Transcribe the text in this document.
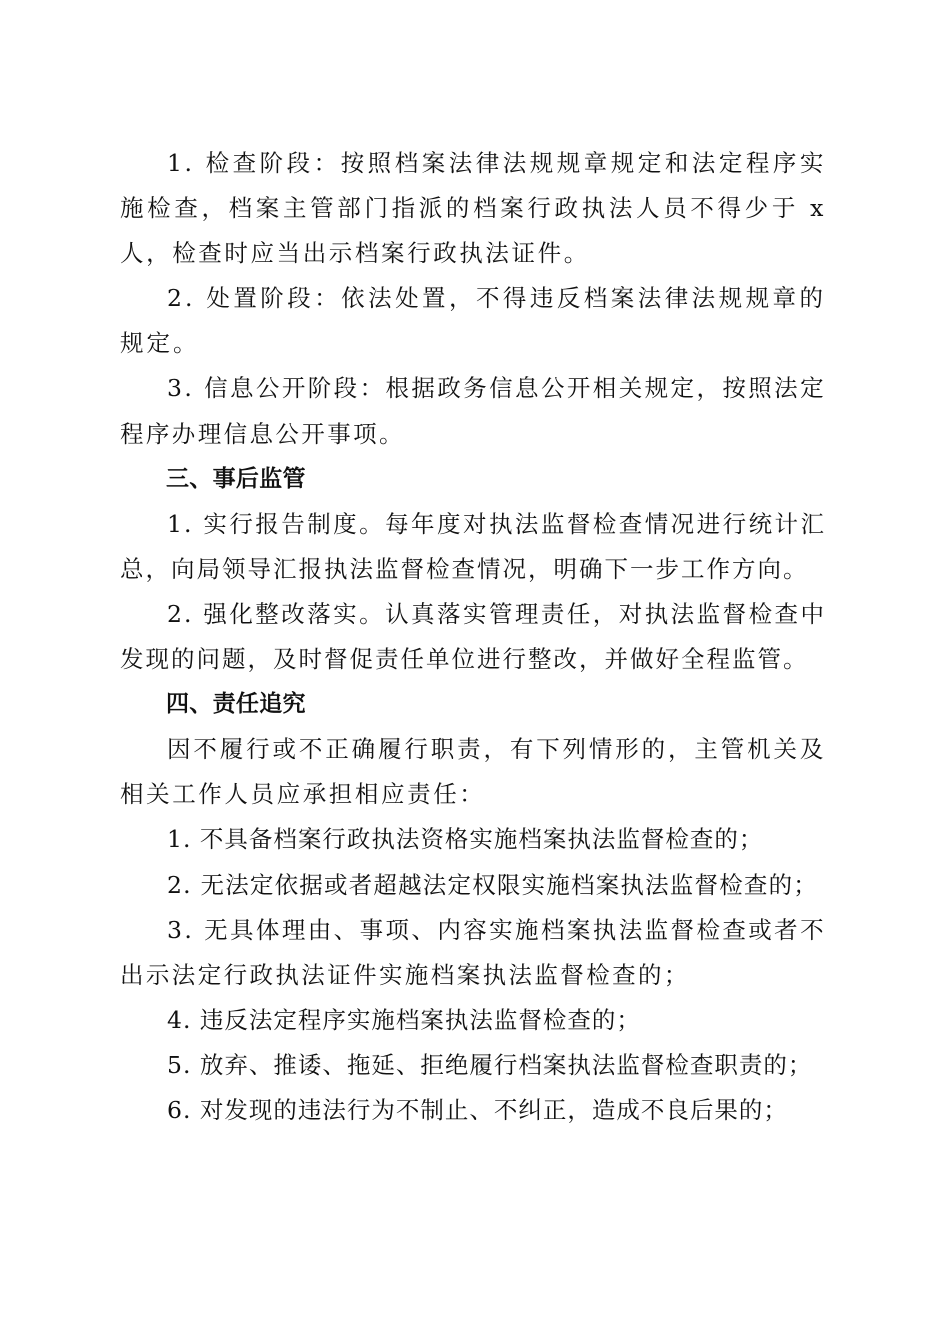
1. 检查阶段：按照档案法律法规规章规定和法定程序实施检查，档案主管部门指派的档案行政执法人员不得少于 x 人，检查时应当出示档案行政执法证件。

2. 处置阶段：依法处置，不得违反档案法律法规规章的规定。

3. 信息公开阶段：根据政务信息公开相关规定，按照法定程序办理信息公开事项。

三、事后监管

1. 实行报告制度。每年度对执法监督检查情况进行统计汇总，向局领导汇报执法监督检查情况，明确下一步工作方向。

2. 强化整改落实。认真落实管理责任，对执法监督检查中发现的问题，及时督促责任单位进行整改，并做好全程监管。

四、责任追究

因不履行或不正确履行职责，有下列情形的，主管机关及相关工作人员应承担相应责任：

1. 不具备档案行政执法资格实施档案执法监督检查的；

2. 无法定依据或者超越法定权限实施档案执法监督检查的；

3. 无具体理由、事项、内容实施档案执法监督检查或者不出示法定行政执法证件实施档案执法监督检查的；

4. 违反法定程序实施档案执法监督检查的；

5. 放弃、推诿、拖延、拒绝履行档案执法监督检查职责的；

6. 对发现的违法行为不制止、不纠正，造成不良后果的；
